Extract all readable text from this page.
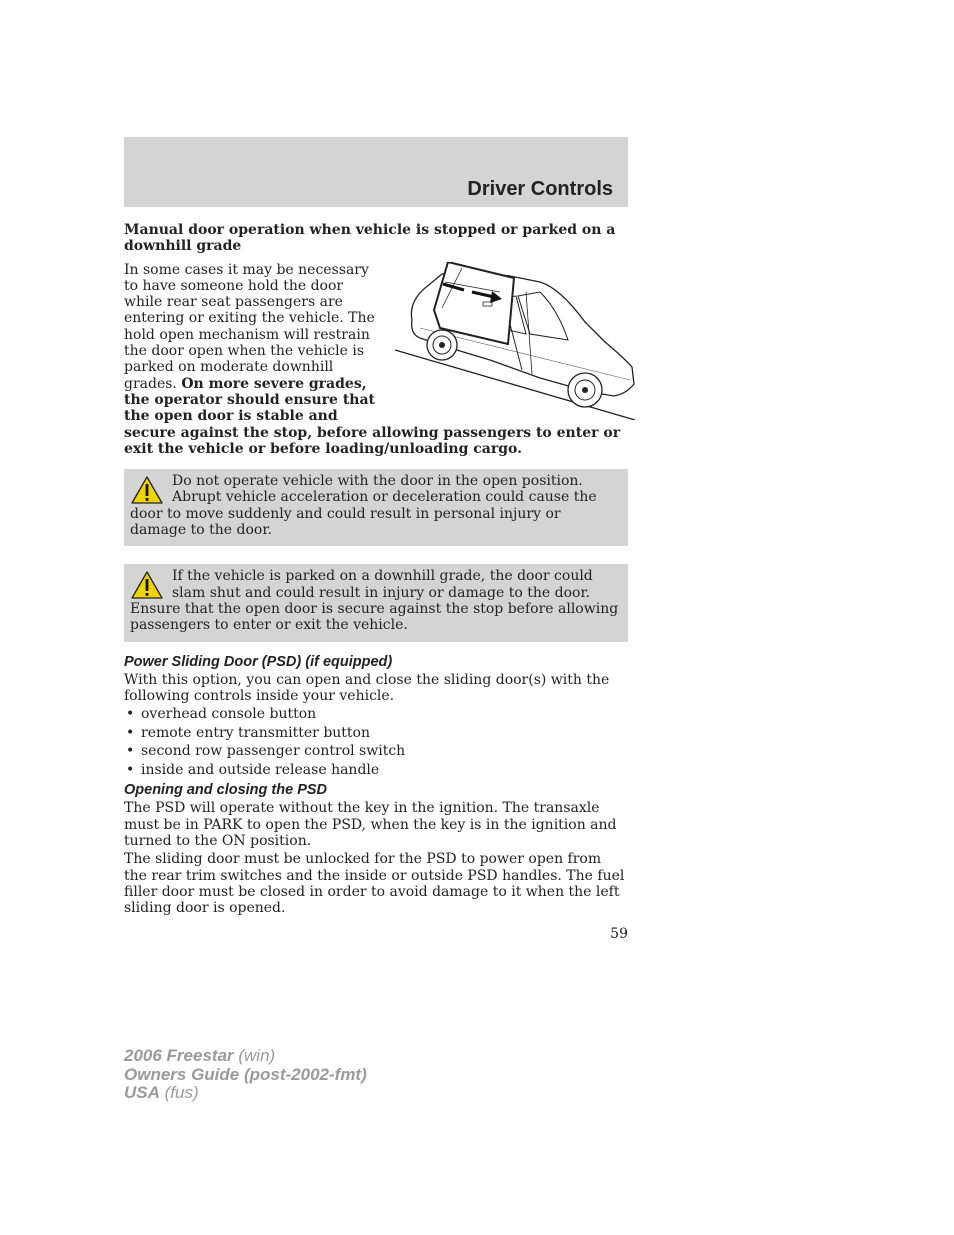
Driver Controls

Manual door operation when vehicle is stopped or parked on a downhill grade

In some cases it may be necessary to have someone hold the door while rear seat passengers are entering or exiting the vehicle. The hold open mechanism will restrain the door open when the vehicle is parked on moderate downhill grades. On more severe grades, the operator should ensure that the open door is stable and secure against the stop, before allowing passengers to enter or exit the vehicle or before loading/unloading cargo.

Do not operate vehicle with the door in the open position. Abrupt vehicle acceleration or deceleration could cause the door to move suddenly and could result in personal injury or damage to the door.
If the vehicle is parked on a downhill grade, the door could slam shut and could result in injury or damage to the door. Ensure that the open door is secure against the stop before allowing passengers to enter or exit the vehicle.
Power Sliding Door (PSD) (if equipped)

With this option, you can open and close the sliding door(s) with the following controls inside your vehicle.

• overhead console button
• remote entry transmitter button
• second row passenger control switch
• inside and outside release handle
Opening and closing the PSD

The PSD will operate without the key in the ignition. The transaxle must be in PARK to open the PSD, when the key is in the ignition and turned to the ON position.

The sliding door must be unlocked for the PSD to power open from the rear trim switches and the inside or outside PSD handles. The fuel filler door must be closed in order to avoid damage to it when the left sliding door is opened.

59
2006 Freestar (win)
Owners Guide (post-2002-fmt)
USA (fus)
